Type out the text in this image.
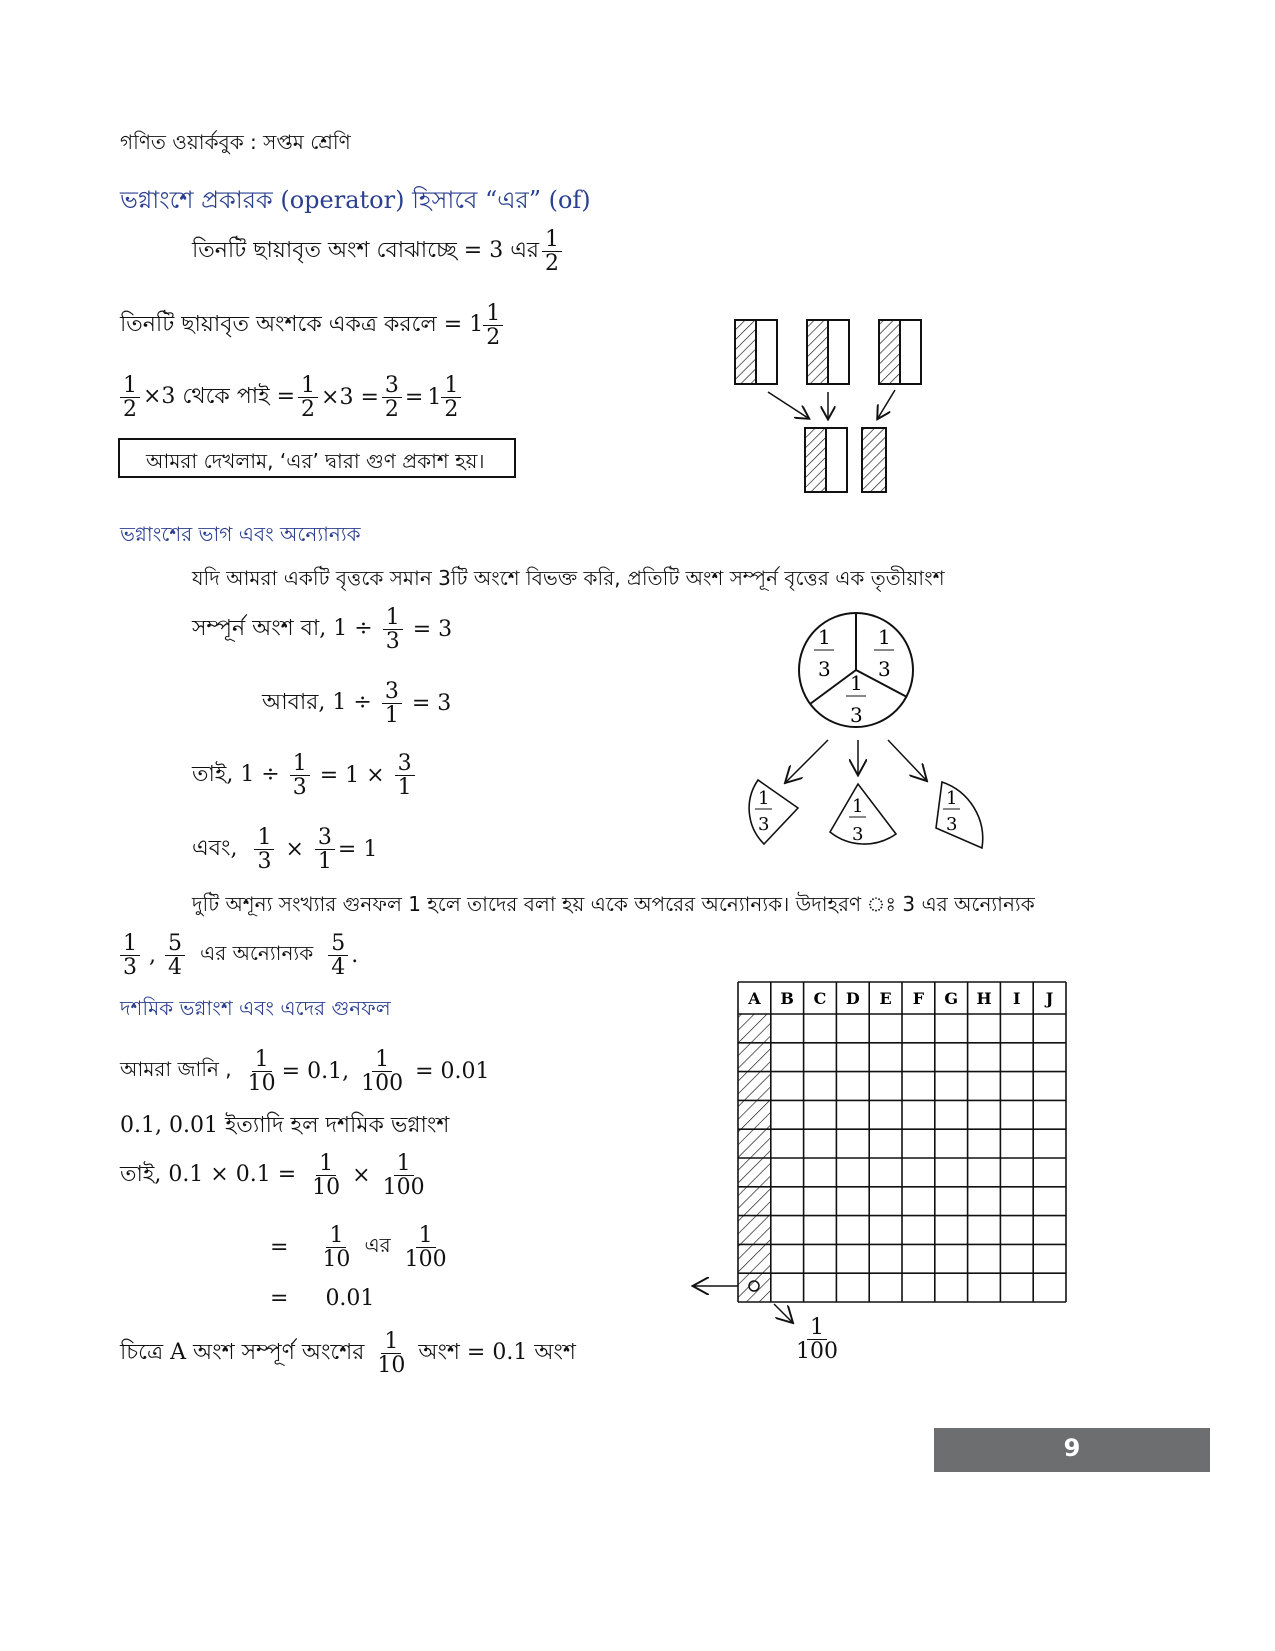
গণিত ওয়ার্কবুক : সপ্তম শ্রেণি
ভগ্নাংশে প্রকারক (operator) হিসাবে “এর” (of)
তিনটি ছায়াবৃত অংশ বোঝাচ্ছে = 3 এর $\frac{1}{2}$
তিনটি ছায়াবৃত অংশকে একত্র করলে = $1 \frac{1}{2}$
$\frac{1}{2} \times 3$ থেকে পাই = $\frac{1}{2} \times 3 = \frac{3}{2} = 1 \frac{1}{2}$
আমরা দেখলাম, ‘এর’ দ্বারা গুণ প্রকাশ হয়।
ভগ্নাংশের ভাগ এবং অন্যোন্যক
যদি আমরা একটি বৃত্তকে সমান 3টি অংশে বিভক্ত করি, প্রতিটি অংশ সম্পূর্ন বৃত্তের এক তৃতীয়াংশ
সম্পূর্ন অংশ বা, $1 \div \frac{1}{3} = 3$
আবার, $1 \div \frac{3}{1} = 3$
তাই, $1 \div \frac{1}{3} = 1 \times \frac{3}{1}$
এবং, $\frac{1}{3} \times \frac{3}{1} = 1$
দুটি অশূন্য সংখ্যার গুনফল 1 হলে তাদের বলা হয় একে অপরের অন্যোন্যক। উদাহরণ ঃ 3 এর অন্যোন্যক
$\frac{1}{3}$ , $\frac{5}{4}$ এর অন্যোন্যক $\frac{5}{4}$ .
1
3
1
3
1
3
1
3
1
3
1
3
দশমিক ভগ্নাংশ এবং এদের গুনফল
আমরা জানি , $\frac{1}{10} = 0.1$, $\frac{1}{100} = 0.01$
0.1, 0.01 ইত্যাদি হল দশমিক ভগ্নাংশ
তাই, $0.1 \times 0.1 = \frac{1}{10} \times \frac{1}{100}$
= $\frac{1}{10}$ এর $\frac{1}{100}$
= 0.01
চিত্রে A অংশ সম্পূর্ণ অংশের $\frac{1}{10}$ অংশ = 0.1 অংশ
A B C D E F G H I J
$\frac{1}{100}$
9
